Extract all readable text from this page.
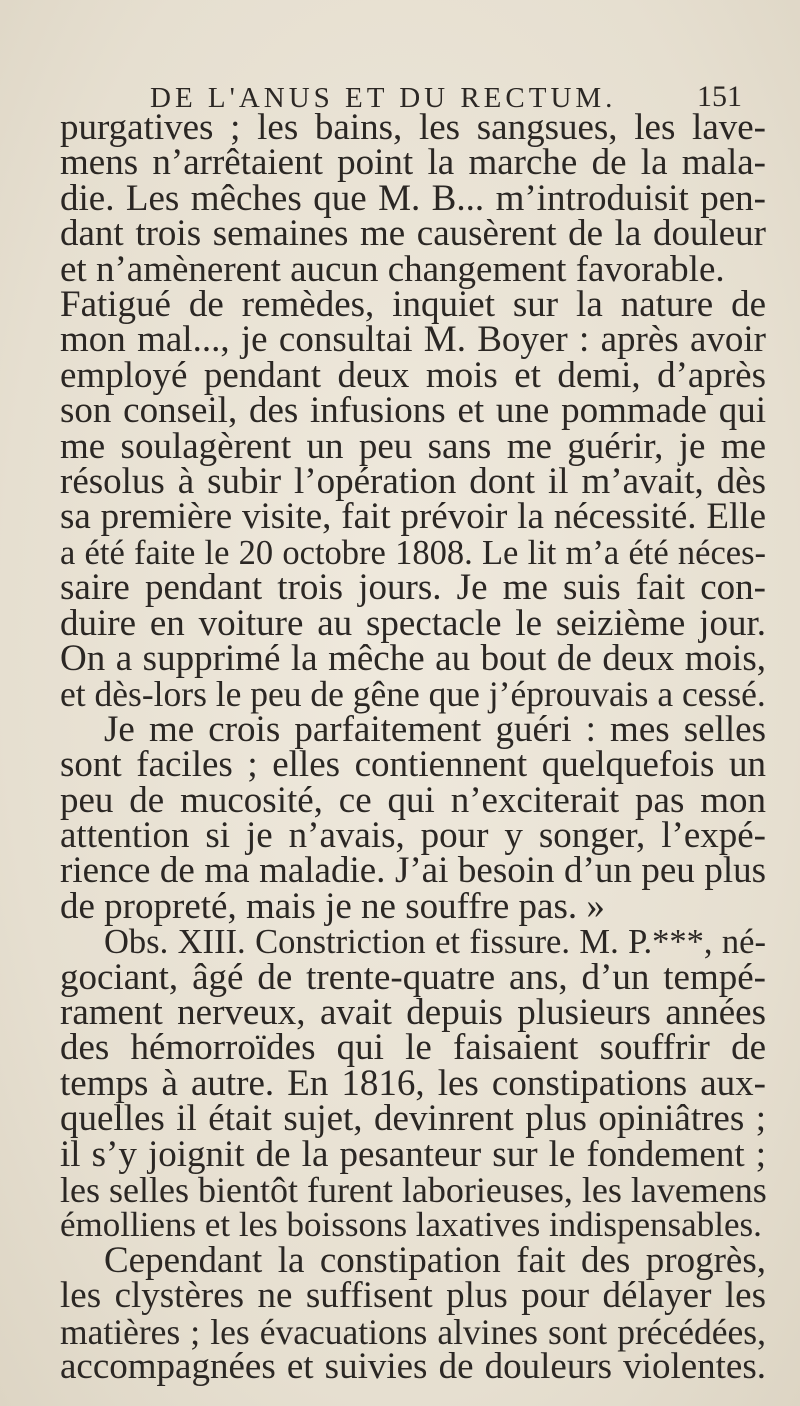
DE L'ANUS ET DU RECTUM.	151
purgatives ; les bains, les sangsues, les lave-
mens n’arrêtaient point la marche de la mala-
die. Les mêches que M. B... m’introduisit pen-
dant trois semaines me causèrent de la douleur
et n’amènerent aucun changement favorable.
Fatigué de remèdes, inquiet sur la nature de
mon mal..., je consultai M. Boyer : après avoir
employé pendant deux mois et demi, d’après
son conseil, des infusions et une pommade qui
me soulagèrent un peu sans me guérir, je me
résolus à subir l’opération dont il m’avait, dès
sa première visite, fait prévoir la nécessité. Elle
a été faite le 20 octobre 1808. Le lit m’a été néces-
saire pendant trois jours. Je me suis fait con-
duire en voiture au spectacle le seizième jour.
On a supprimé la mêche au bout de deux mois,
et dès-lors le peu de gêne que j’éprouvais a cessé.
Je me crois parfaitement guéri : mes selles
sont faciles ; elles contiennent quelquefois un
peu de mucosité, ce qui n’exciterait pas mon
attention si je n’avais, pour y songer, l’expé-
rience de ma maladie. J’ai besoin d’un peu plus
de propreté, mais je ne souffre pas. »
Obs. XIII. Constriction et fissure. M. P.***, né-
gociant, âgé de trente-quatre ans, d’un tempé-
rament nerveux, avait depuis plusieurs années
des hémorroïdes qui le faisaient souffrir de
temps à autre. En 1816, les constipations aux-
quelles il était sujet, devinrent plus opiniâtres ;
il s’y joignit de la pesanteur sur le fondement ;
les selles bientôt furent laborieuses, les lavemens
émolliens et les boissons laxatives indispensables.
Cependant la constipation fait des progrès,
les clystères ne suffisent plus pour délayer les
matières ; les évacuations alvines sont précédées,
accompagnées et suivies de douleurs violentes.
